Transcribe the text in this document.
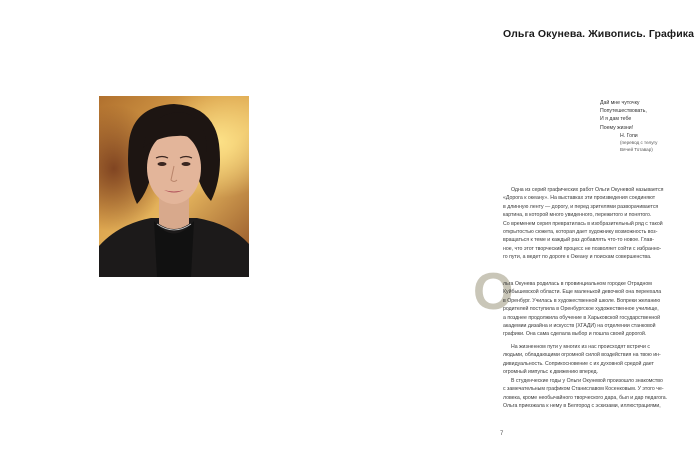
Ольга Окунева. Живопись. Графика
Дай мне чуточку
Попутешествовать,
И я дам тебе
Поему жизни!
Н. Гопи
(перевод с телугу
Вячей Тотавар)
Одна из серий графических работ Ольги Окуневой называется
«Дорога к океану». На выставках эти произведения соединяют
в длинную ленту — дорогу, и перед зрителями разворачивается
картина, в которой много увиденного, пережитого и понятого.
Со временем серия превратилась в изобразительный ряд с такой
открытостью сюжета, которая дает художнику возможность воз-
вращаться к теме и каждый раз добавлять что-то новое. Глав-
ное, что этот творческий процесс не позволяет сойти с избранно-
го пути, а ведет по дороге к Океану и поискам совершенства.
О
льга Окунева родилась в провинциальном городке Отрадном
Куйбышевской области. Еще маленькой девочкой она переехала
в Оренбург. Училась в художественной школе. Вопреки желанию
родителей поступила в Оренбургское художественное училище,
а позднее продолжила обучение в Харьковской государственной
академии дизайна и искусств (ХГАДИ) на отделении станковой
графики. Она сама сделала выбор и пошла своей дорогой.
На жизненном пути у многих из нас происходят встречи с
людьми, обладающими огромной силой воздействия на твою ин-
дивидуальность. Соприкосновение с их духовной средой дает
огромный импульс к движению вперед.
В студенческие годы у Ольги Окуневой произошло знакомство
с замечательным графиком Станиславом Косенковым. У этого че-
ловека, кроме необычайного творческого дара, был и дар педагога.
Ольга приезжала к нему в Белгород с эскизами, иллюстрациями,
7
